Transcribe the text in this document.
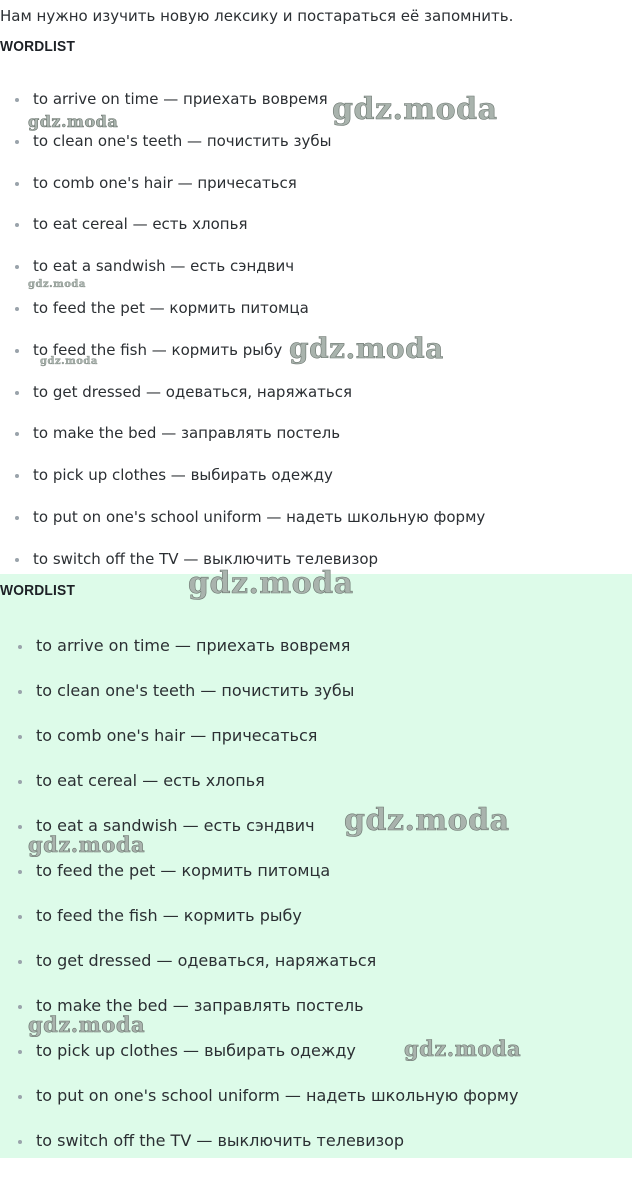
Нам нужно изучить новую лексику и постараться её запомнить.
WORDLIST
to arrive on time — приехать вовремя
to clean one's teeth — почистить зубы
to comb one's hair — причесаться
to eat cereal — есть хлопья
to eat a sandwish — есть сэндвич
to feed the pet — кормить питомца
to feed the fish — кормить рыбу
to get dressed — одеваться, наряжаться
to make the bed — заправлять постель
to pick up clothes — выбирать одежду
to put on one's school uniform — надеть школьную форму
to switch off the TV — выключить телевизор
WORDLIST
to arrive on time — приехать вовремя
to clean one's teeth — почистить зубы
to comb one's hair — причесаться
to eat cereal — есть хлопья
to eat a sandwish — есть сэндвич
to feed the pet — кормить питомца
to feed the fish — кормить рыбу
to get dressed — одеваться, наряжаться
to make the bed — заправлять постель
to pick up clothes — выбирать одежду
to put on one's school uniform — надеть школьную форму
to switch off the TV — выключить телевизор
gdz.moda
gdz.moda
gdz.moda
gdz.moda
gdz.moda
gdz.moda
gdz.moda
gdz.moda
gdz.moda
gdz.moda
